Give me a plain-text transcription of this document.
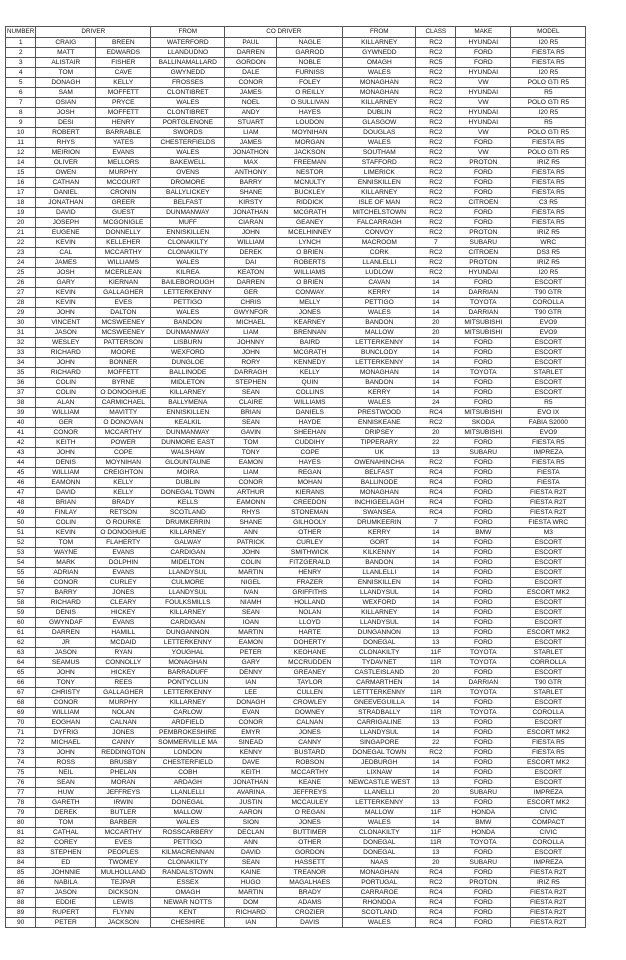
NUMBER	DRIVER		FROM	CO DRIVER		FROM	CLASS	MAKE	MODEL
1	CRAIG	BREEN	WATERFORD	PAUL	NAGLE	KILLARNEY	RC2	HYUNDAI	I20 R5
2	MATT	EDWARDS	LLANDUDNO	DARREN	GARROD	GYWNEDD	RC2	FORD	FIESTA R5
3	ALISTAIR	FISHER	BALLINAMALLARD	GORDON	NOBLE	OMAGH	RC5	FORD	FIESTA R5
4	TOM	CAVE	GWYNEDD	DALE	FURNISS	WALES	RC2	HYUNDAI	I20 R5
5	DONAGH	KELLY	FROSSES	CONOR	FOLEY	MONAGHAN	RC2	VW	POLO GTI R5
6	SAM	MOFFETT	CLONTIBRET	JAMES	O REILLY	MONAGHAN	RC2	HYUNDAI	R5
7	OSIAN	PRYCE	WALES	NOEL	O SULLIVAN	KILLARNEY	RC2	VW	POLO GTI R5
8	JOSH	MOFFETT	CLONTIBRET	ANDY	HAYES	DUBLIN	RC2	HYUNDAI	I20 R5
9	DESI	HENRY	PORTGLENONE	STUART	LOUDON	GLASGOW	RC2	HYUNDAI	R5
10	ROBERT	BARRABLE	SWORDS	LIAM	MOYNIHAN	DOUGLAS	RC2	VW	POLO GTI R5
11	RHYS	YATES	CHESTERFIELDS	JAMES	MORGAN	WALES	RC2	FORD	FIESTA R5
12	MEIRION	EVANS	WALES	JONATHON	JACKSON	SOUTHAM	RC2	VW	POLO GTI R5
14	OLIVER	MELLORS	BAKEWELL	MAX	FREEMAN	STAFFORD	RC2	PROTON	IRIZ R5
15	OWEN	MURPHY	OVENS	ANTHONY	NESTOR	LIMERICK	RC2	FORD	FIESTA R5
16	CATHAN	MCCOURT	DROMORE	BARRY	MCNULTY	ENNISKILLEN	RC2	FORD	FIESTA R5
17	DANIEL	CRONIN	BALLYLICKEY	SHANE	BUCKLEY	KILLARNEY	RC2	FORD	FIESTA R5
18	JONATHAN	GREER	BELFAST	KIRSTY	RIDDICK	ISLE OF MAN	RC2	CITROEN	C3 R5
19	DAVID	GUEST	DUNMANWAY	JONATHAN	MCGRATH	MITCHELSTOWN	RC2	FORD	FIESTA R5
20	JOSEPH	MCGONIGLE	MUFF	CIARAN	GEANEY	FALCARRAGH	RC2	FORD	FIESTA R5
21	EUGENE	DONNELLY	ENNISKILLEN	JOHN	MCELHINNEY	CONVOY	RC2	PROTON	IRIZ R5
22	KEVIN	KELLEHER	CLONAKILTY	WILLIAM	LYNCH	MACROOM	7	SUBARU	WRC
23	CAL	MCCARTHY	CLONAKILTY	DEREK	O BRIEN	CORK	RC2	CITROEN	DS3 R5
24	JAMES	WILLIAMS	WALES	DAI	ROBERTS	LLANLELLI	RC2	PROTON	IRIZ R5
25	JOSH	MCERLEAN	KILREA	KEATON	WILLIAMS	LUDLOW	RC2	HYUNDAI	I20 R5
26	GARY	KIERNAN	BAILEBOROUGH	DARREN	O BRIEN	CAVAN	14	FORD	ESCORT
27	KEVIN	GALLAGHER	LETTERKENNY	GER	CONWAY	KERRY	14	DARRIAN	T90 GTR
28	KEVIN	EVES	PETTIGO	CHRIS	MELLY	PETTIGO	14	TOYOTA	COROLLA
29	JOHN	DALTON	WALES	GWYNFOR	JONES	WALES	14	DARRIAN	T90 GTR
30	VINCENT	MCSWEENEY	BANDON	MICHAEL	KEARNEY	BANDON	20	MITSUBISHI	EVO9
31	JASON	MCSWEENEY	DUNMANWAY	LIAM	BRENNAN	MALLOW	20	MITSUBISHI	EVO9
32	WESLEY	PATTERSON	LISBURN	JOHNNY	BAIRD	LETTERKENNY	14	FORD	ESCORT
33	RICHARD	MOORE	WEXFORD	JOHN	MCGRATH	BUNCLODY	14	FORD	ESCORT
34	JOHN	BONNER	DUNGLOE	RORY	KENNEDY	LETTERKENNY	14	FORD	ESCORT
35	RICHARD	MOFFETT	BALLINODE	DARRAGH	KELLY	MONAGHAN	14	TOYOTA	STARLET
36	COLIN	BYRNE	MIDLETON	STEPHEN	QUIN	BANDON	14	FORD	ESCORT
37	COLIN	O DONOGHUE	KILLARNEY	SEAN	COLLINS	KERRY	14	FORD	ESCORT
38	ALAN	CARMICHAEL	BALLYMENA	CLAIRE	WILLIAMS	WALES	24	FORD	R5
39	WILLIAM	MAVITTY	ENNISKILLEN	BRIAN	DANIELS	PRESTWOOD	RC4	MITSUBISHI	EVO IX
40	GER	O DONOVAN	KEALKIL	SEAN	HAYDE	ENNISKEANE	RC2	SKODA	FABIA S2000
41	CONOR	MCCARTHY	DUNMANWAY	GAVIN	SHEEHAN	DRIPSEY	20	MITSUBISHI	EVO9
42	KEITH	POWER	DUNMORE EAST	TOM	CUDDIHY	TIPPERARY	22	FORD	FIESTA R5
43	JOHN	COPE	WALSHAW	TONY	COPE	UK	13	SUBARU	IMPREZA
44	DENIS	MOYNIHAN	GLOUNTAUNE	EAMON	HAYES	OWENAHINCHA	RC2	FORD	FIESTA R5
45	WILLIAM	CREIGHTON	MOIRA	LIAM	REGAN	BELFAST	RC4	FORD	FIESTA
46	EAMONN	KELLY	DUBLIN	CONOR	MOHAN	BALLINODE	RC4	FORD	FIESTA
47	DAVID	KELLY	DONEGAL TOWN	ARTHUR	KIERANS	MONAGHAN	RC4	FORD	FIESTA R2T
48	BRIAN	BRADY	KELLS	EAMONN	CREEDON	INCHIGEELAGH	RC4	FORD	FIESTA R2T
49	FINLAY	RETSON	SCOTLAND	RHYS	STONEMAN	SWANSEA	RC4	FORD	FIESTA R2T
50	COLIN	O ROURKE	DRUMKERRIN	SHANE	GILHOOLY	DRUMKEERIN	7	FORD	FIESTA WRC
51	KEVIN	O DONOGHUE	KILLARNEY	ANN	OTHER	KERRY	14	BMW	M3
52	TOM	FLAHERTY	GALWAY	PATRICK	CURLEY	GORT	14	FORD	ESCORT
53	WAYNE	EVANS	CARDIGAN	JOHN	SMITHWICK	KILKENNY	14	FORD	ESCORT
54	MARK	DOLPHIN	MIDELTON	COLIN	FITZGERALD	BANDON	14	FORD	ESCORT
55	ADRIAN	EVANS	LLANDYSUL	MARTIN	HENRY	LLANLELLI	14	FORD	ESCORT
56	CONOR	CURLEY	CULMORE	NIGEL	FRAZER	ENNISKILLEN	14	FORD	ESCORT
57	BARRY	JONES	LLANDYSUL	IVAN	GRIFFITHS	LLANDYSUL	14	FORD	ESCORT MK2
58	RICHARD	CLEARY	FOULKSMILLS	NIAMH	HOLLAND	WEXFORD	14	FORD	ESCORT
59	DENIS	HICKEY	KILLARNEY	SEAN	NOLAN	KILLARNEY	14	FORD	ESCORT
60	GWYNDAF	EVANS	CARDIGAN	IOAN	LLOYD	LLANDYSUL	14	FORD	ESCORT
61	DARREN	HAMILL	DUNGANNON	MARTIN	HARTE	DUNGANNON	13	FORD	ESCORT MK2
62	JR	MCDAID	LETTERKENNY	EAMON	DOHERTY	DONEGAL	13	FORD	ESCORT
63	JASON	RYAN	YOUGHAL	PETER	KEOHANE	CLONAKILTY	11F	TOYOTA	STARLET
64	SEAMUS	CONNOLLY	MONAGHAN	GARY	MCCRUDDEN	TYDAVNET	11R	TOYOTA	CORROLLA
65	JOHN	HICKEY	BARRADUFF	DENNY	GREANEY	CASTLEISLAND	20	FORD	ESCORT
66	TONY	REES	PONTYCLUN	IAN	TAYLOR	CARMARTHEN	14	DARRIAN	T90 GTR
67	CHRISTY	GALLAGHER	LETTERKENNY	LEE	CULLEN	LETTTERKENNY	11R	TOYOTA	STARLET
68	CONOR	MURPHY	KILLARNEY	DONAGH	CROWLEY	GNEEVEGUILLA	14	FORD	ESCORT
69	WILLIAM	NOLAN	CARLOW	EVAN	DOWNEY	STRADBALLY	11R	TOYOTA	COROLLA
70	EOGHAN	CALNAN	ARDFIELD	CONOR	CALNAN	CARRIGALINE	13	FORD	ESCORT
71	DYFRIG	JONES	PEMBROKESHIRE	EMYR	JONES	LLANDYSUL	14	FORD	ESCORT MK2
72	MICHAEL	CANNY	SOMMERVILLE MA	SINEAD	CANNY	SINGAPORE	22	FORD	FIESTA R5
73	JOHN	REDDINGTON	LONDON	KENNY	BUSTARD	DONEGAL TOWN	RC2	FORD	FIESTA R5
74	ROSS	BRUSBY	CHESTERFIELD	DAVE	ROBSON	JEDBURGH	14	FORD	ESCORT MK2
75	NEIL	PHELAN	COBH	KEITH	MCCARTHY	LIXNAW	14	FORD	ESCORT
76	SEAN	MORAN	ARDAGH	JONATHAN	KEANE	NEWCASTLE WEST	13	FORD	ESCORT
77	HUW	JEFFREYS	LLANLELLI	AVARINA	JEFFREYS	LLANELLI	20	SUBARU	IMPREZA
78	GARETH	IRWIN	DONEGAL	JUSTIN	MCCAULEY	LETTERKENNY	13	FORD	ESCORT MK2
79	DEREK	BUTLER	MALLOW	AARON	O REGAN	MALLOW	11F	HONDA	CIVIC
80	TOM	BARBER	WALES	SION	JONES	WALES	14	BMW	COMPACT
81	CATHAL	MCCARTHY	ROSSCARBERY	DECLAN	BUTTIMER	CLONAKILTY	11F	HONDA	CIVIC
82	COREY	EVES	PETTIGO	ANN	OTHER	DONEGAL	11R	TOYOTA	COROLLA
83	STEPHEN	PEOPLES	KILMACRENNAN	DAVID	GORDON	DONEGAL	13	FORD	ESCORT
84	ED	TWOMEY	CLONAKILTY	SEAN	HASSETT	NAAS	20	SUBARU	IMPREZA
85	JOHNNIE	MULHOLLAND	RANDALSTOWN	KAINE	TREANOR	MONAGHAN	RC4	FORD	FIESTA R2T
86	NABILA	TEJPAR	ESSEX	HUGO	MAGALHAES	PORTUGAL	RC2	PROTON	IRIZ R5
87	JASON	DICKSON	OMAGH	MARTIN	BRADY	CARRAROE	RC4	FORD	FIESTA R2T
88	EDDIE	LEWIS	NEWAR NOTTS	DOM	ADAMS	RHONDDA	RC4	FORD	FIESTA R2T
89	RUPERT	FLYNN	KENT	RICHARD	CROZIER	SCOTLAND	RC4	FORD	FIESTA R2T
90	PETER	JACKSON	CHESHIRE	IAN	DAVIS	WALES	RC4	FORD	FIESTA R2T
